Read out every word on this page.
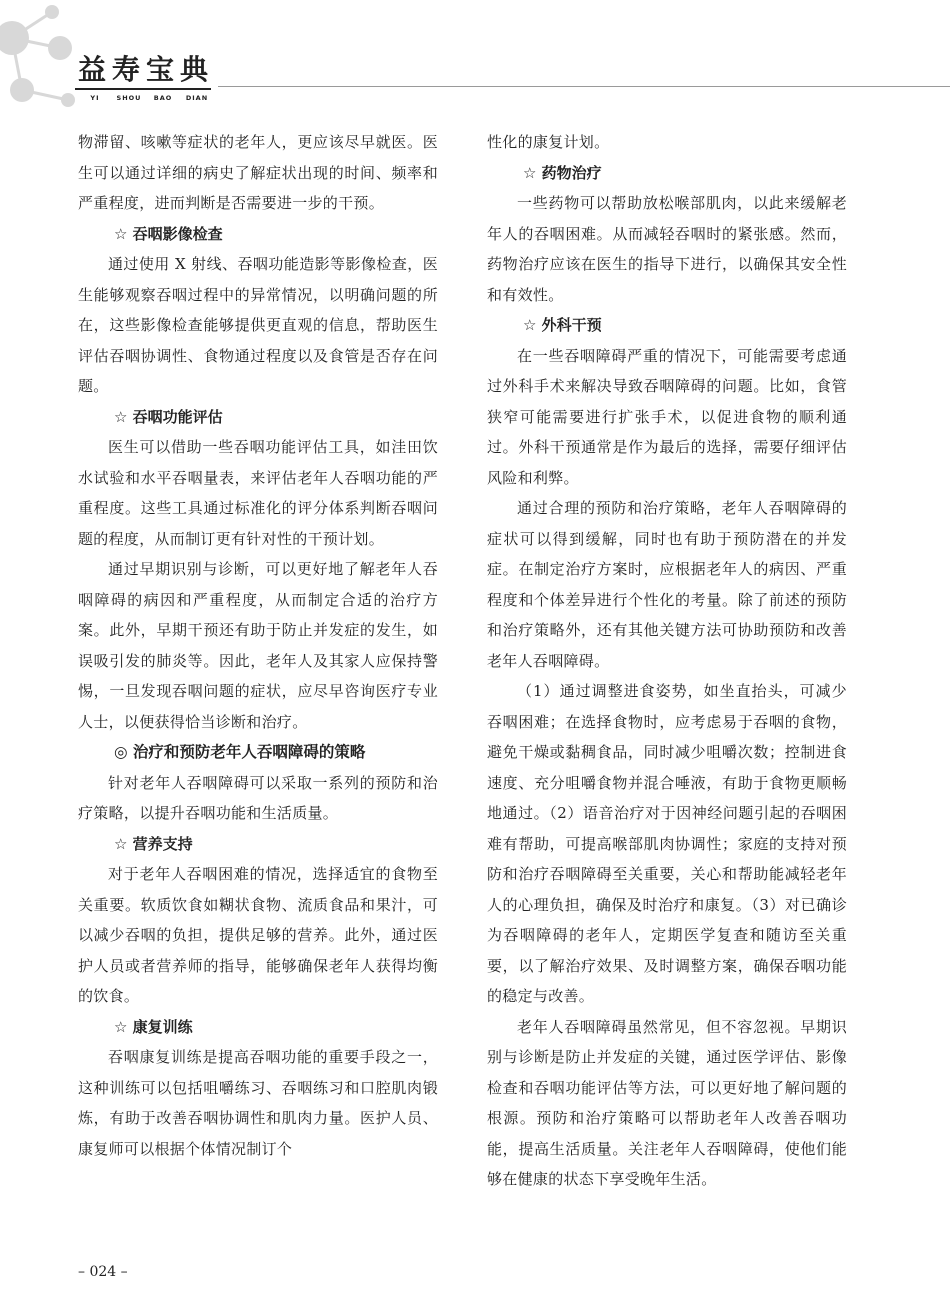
益 寿 宝 典
YI	SHOU	BAO	DIAN

物滞留、咳嗽等症状的老年人，更应该尽早就医。医生可以通过详细的病史了解症状出现的时间、频率和严重程度，进而判断是否需要进一步的干预。

☆ 吞咽影像检查

通过使用 X 射线、吞咽功能造影等影像检查，医生能够观察吞咽过程中的异常情况，以明确问题的所在，这些影像检查能够提供更直观的信息，帮助医生评估吞咽协调性、食物通过程度以及食管是否存在问题。

☆ 吞咽功能评估

医生可以借助一些吞咽功能评估工具，如洼田饮水试验和水平吞咽量表，来评估老年人吞咽功能的严重程度。这些工具通过标准化的评分体系判断吞咽问题的程度，从而制订更有针对性的干预计划。

通过早期识别与诊断，可以更好地了解老年人吞咽障碍的病因和严重程度，从而制定合适的治疗方案。此外，早期干预还有助于防止并发症的发生，如误吸引发的肺炎等。因此，老年人及其家人应保持警惕，一旦发现吞咽问题的症状，应尽早咨询医疗专业人士，以便获得恰当诊断和治疗。

◎ 治疗和预防老年人吞咽障碍的策略

针对老年人吞咽障碍可以采取一系列的预防和治疗策略，以提升吞咽功能和生活质量。

☆ 营养支持

对于老年人吞咽困难的情况，选择适宜的食物至关重要。软质饮食如糊状食物、流质食品和果汁，可以减少吞咽的负担，提供足够的营养。此外，通过医护人员或者营养师的指导，能够确保老年人获得均衡的饮食。

☆ 康复训练

吞咽康复训练是提高吞咽功能的重要手段之一，这种训练可以包括咀嚼练习、吞咽练习和口腔肌肉锻炼，有助于改善吞咽协调性和肌肉力量。医护人员、康复师可以根据个体情况制订个

性化的康复计划。

☆ 药物治疗

一些药物可以帮助放松喉部肌肉，以此来缓解老年人的吞咽困难。从而减轻吞咽时的紧张感。然而，药物治疗应该在医生的指导下进行，以确保其安全性和有效性。

☆ 外科干预

在一些吞咽障碍严重的情况下，可能需要考虑通过外科手术来解决导致吞咽障碍的问题。比如，食管狭窄可能需要进行扩张手术，以促进食物的顺利通过。外科干预通常是作为最后的选择，需要仔细评估风险和利弊。

通过合理的预防和治疗策略，老年人吞咽障碍的症状可以得到缓解，同时也有助于预防潜在的并发症。在制定治疗方案时，应根据老年人的病因、严重程度和个体差异进行个性化的考量。除了前述的预防和治疗策略外，还有其他关键方法可协助预防和改善老年人吞咽障碍。

（1）通过调整进食姿势，如坐直抬头，可减少吞咽困难；在选择食物时，应考虑易于吞咽的食物，避免干燥或黏稠食品，同时减少咀嚼次数；控制进食速度、充分咀嚼食物并混合唾液，有助于食物更顺畅地通过。（2）语音治疗对于因神经问题引起的吞咽困难有帮助，可提高喉部肌肉协调性；家庭的支持对预防和治疗吞咽障碍至关重要，关心和帮助能减轻老年人的心理负担，确保及时治疗和康复。（3）对已确诊为吞咽障碍的老年人，定期医学复查和随访至关重要，以了解治疗效果、及时调整方案，确保吞咽功能的稳定与改善。

老年人吞咽障碍虽然常见，但不容忽视。早期识别与诊断是防止并发症的关键，通过医学评估、影像检查和吞咽功能评估等方法，可以更好地了解问题的根源。预防和治疗策略可以帮助老年人改善吞咽功能，提高生活质量。关注老年人吞咽障碍，使他们能够在健康的状态下享受晚年生活。

– 024 –
